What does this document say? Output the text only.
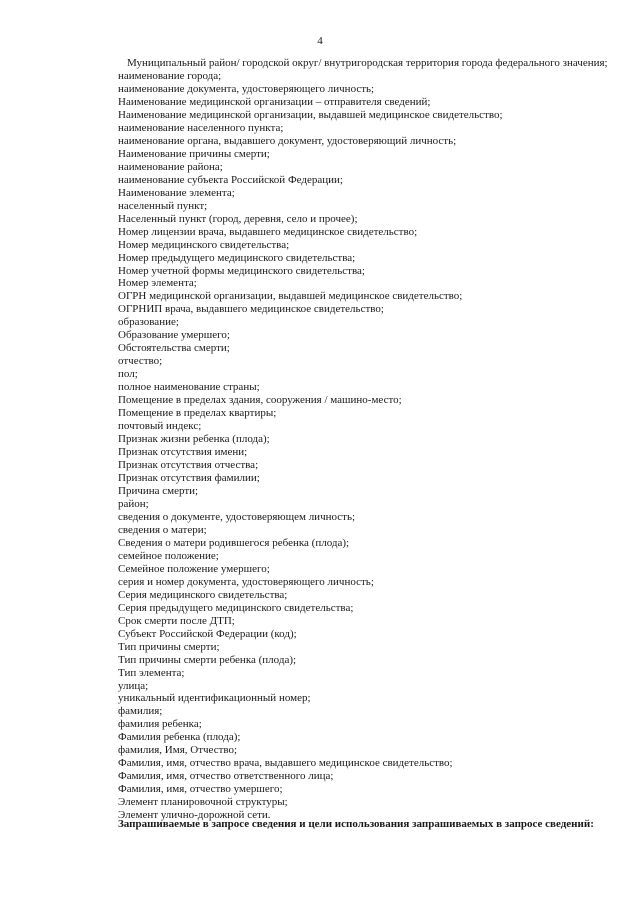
4
Муниципальный район/ городской округ/ внутригородская территория города федерального значения;
наименование города;
наименование документа, удостоверяющего личность;
Наименование медицинской организации – отправителя сведений;
Наименование медицинской организации, выдавшей медицинское свидетельство;
наименование населенного пункта;
наименование органа, выдавшего документ, удостоверяющий личность;
Наименование причины смерти;
наименование района;
наименование субъекта Российской Федерации;
Наименование элемента;
населенный пункт;
Населенный пункт (город, деревня, село и прочее);
Номер лицензии врача, выдавшего медицинское свидетельство;
Номер медицинского свидетельства;
Номер предыдущего медицинского свидетельства;
Номер учетной формы медицинского свидетельства;
Номер элемента;
ОГРН медицинской организации, выдавшей медицинское свидетельство;
ОГРНИП врача, выдавшего медицинское свидетельство;
образование;
Образование умершего;
Обстоятельства смерти;
отчество;
пол;
полное наименование страны;
Помещение в пределах здания, сооружения / машино-место;
Помещение в пределах квартиры;
почтовый индекс;
Признак жизни ребенка (плода);
Признак отсутствия имени;
Признак отсутствия отчества;
Признак отсутствия фамилии;
Причина смерти;
район;
сведения о документе, удостоверяющем личность;
сведения о матери;
Сведения о матери родившегося ребенка (плода);
семейное положение;
Семейное положение умершего;
серия и номер документа, удостоверяющего личность;
Серия медицинского свидетельства;
Серия предыдущего медицинского свидетельства;
Срок смерти после ДТП;
Субъект Российской Федерации (код);
Тип причины смерти;
Тип причины смерти ребенка (плода);
Тип элемента;
улица;
уникальный идентификационный номер;
фамилия;
фамилия ребенка;
Фамилия ребенка (плода);
фамилия, Имя, Отчество;
Фамилия, имя, отчество врача, выдавшего медицинское свидетельство;
Фамилия, имя, отчество ответственного лица;
Фамилия, имя, отчество умершего;
Элемент планировочной структуры;
Элемент улично-дорожной сети.
Запрашиваемые в запросе сведения и цели использования запрашиваемых в запросе сведений:
